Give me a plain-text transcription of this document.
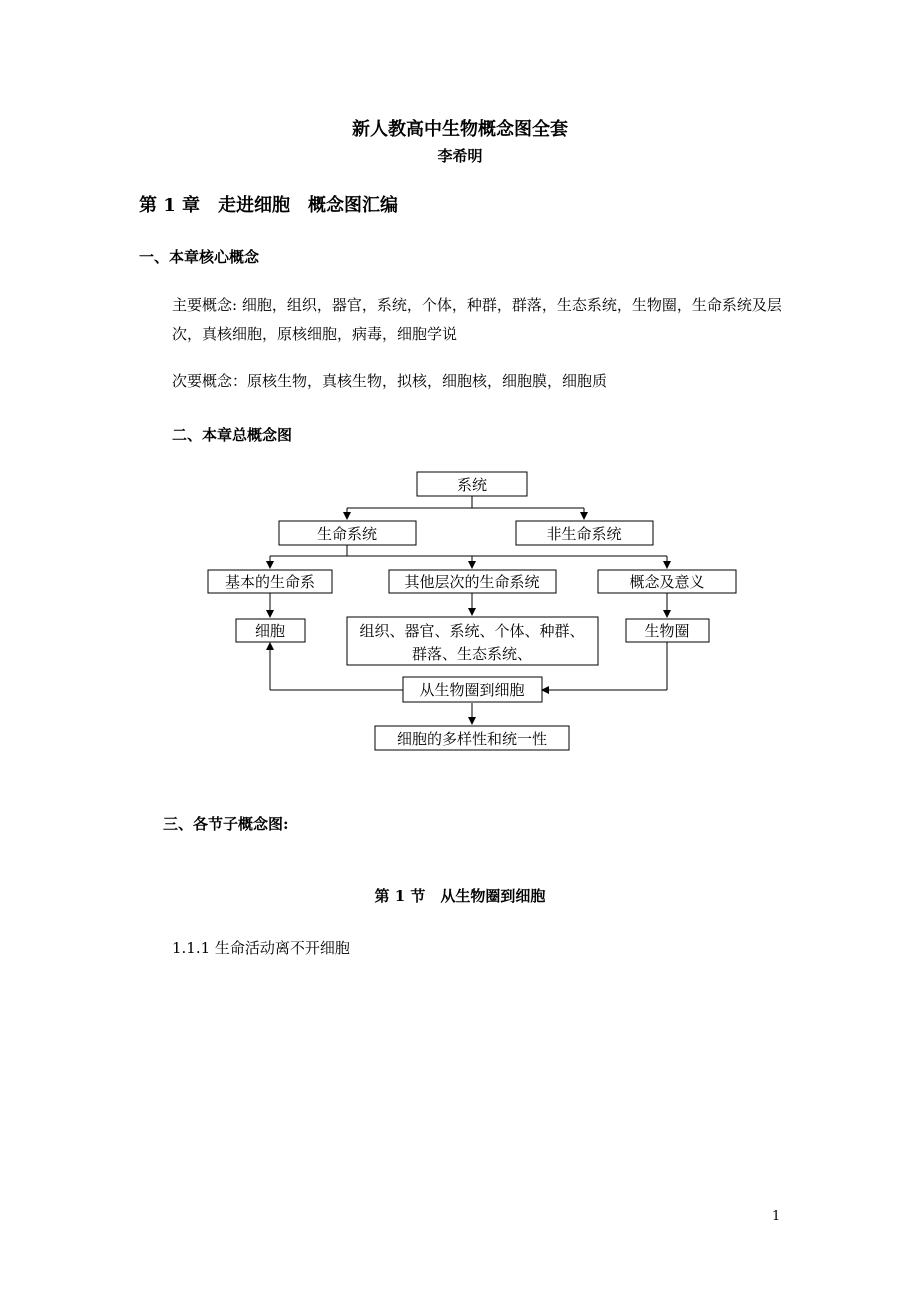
新人教高中生物概念图全套
李希明
第 1 章　走进细胞　概念图汇编
一、本章核心概念
主要概念: 细胞，组织，器官，系统，个体，种群，群落，生态系统，生物圈，生命系统及层次，真核细胞，原核细胞，病毒，细胞学说
次要概念：原核生物，真核生物，拟核，细胞核，细胞膜，细胞质
二、本章总概念图
系统
生命系统	非生命系统
基本的生命系	其他层次的生命系统	概念及意义
细胞	组织、器官、系统、个体、种群、
群落、生态系统、
生物圈
从生物圈到细胞
细胞的多样性和统一性
三、各节子概念图:
第 1 节　从生物圈到细胞
1.1.1 生命活动离不开细胞
1
